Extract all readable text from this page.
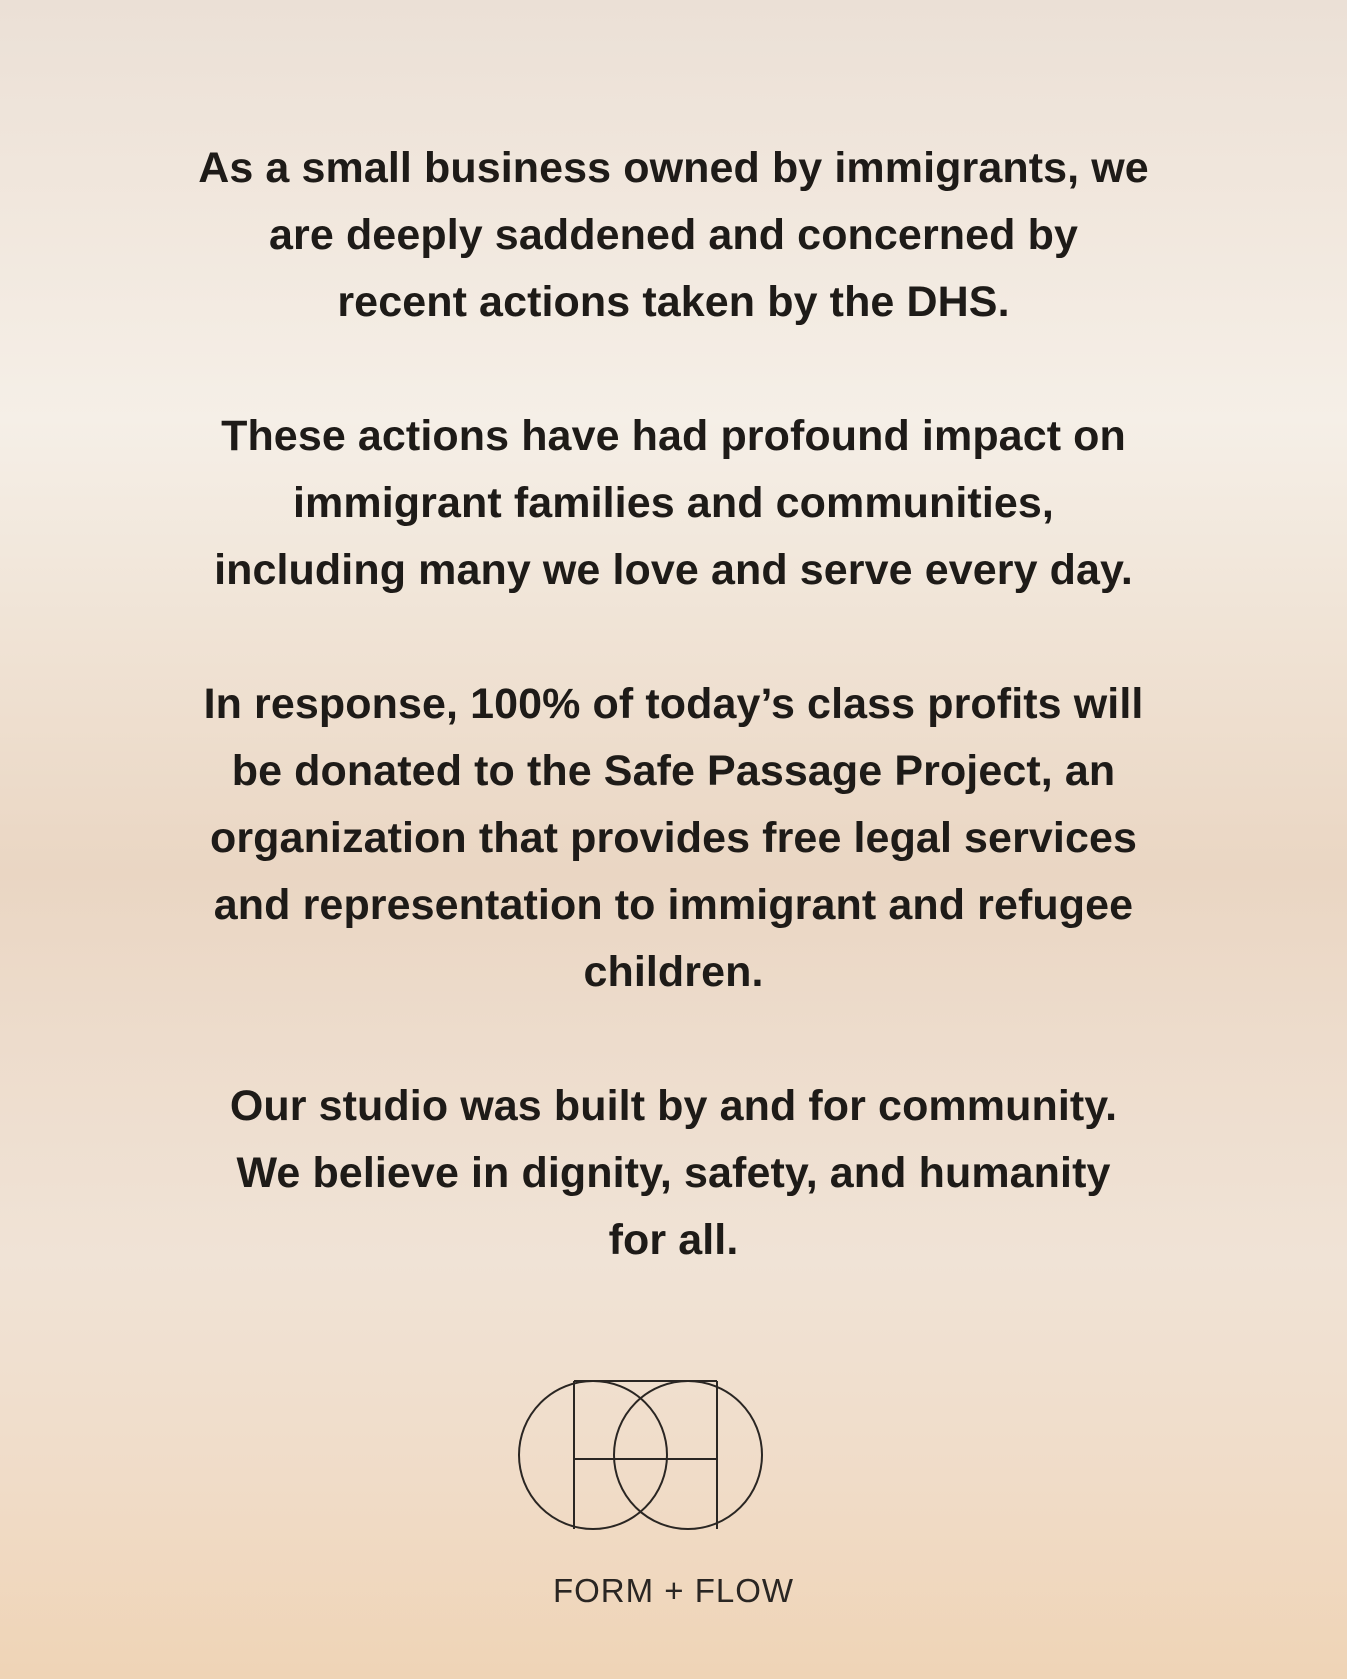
As a small business owned by immigrants, we
are deeply saddened and concerned by
recent actions taken by the DHS.

These actions have had profound impact on
immigrant families and communities,
including many we love and serve every day.

In response, 100% of today’s class profits will
be donated to the Safe Passage Project, an
organization that provides free legal services
and representation to immigrant and refugee
children.

Our studio was built by and for community.
We believe in dignity, safety, and humanity
for all.

FORM + FLOW
